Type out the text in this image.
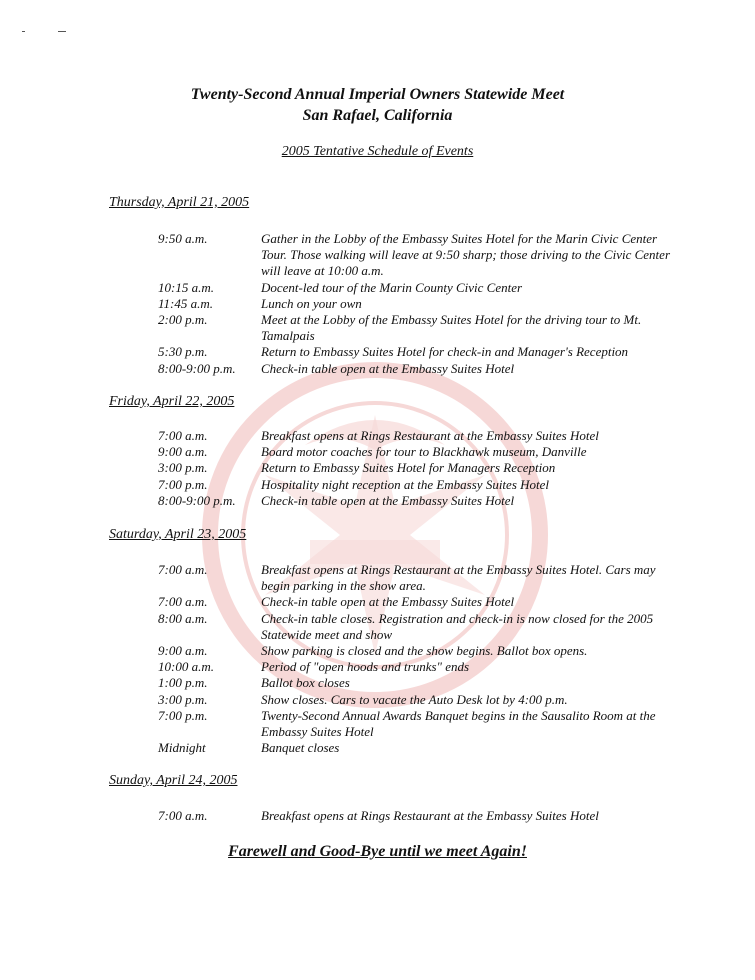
Twenty-Second Annual Imperial Owners Statewide Meet
San Rafael, California
2005 Tentative Schedule of Events
Thursday, April 21, 2005
9:50 a.m.	Gather in the Lobby of the Embassy Suites Hotel for the Marin Civic Center Tour. Those walking will leave at 9:50 sharp; those driving to the Civic Center will leave at 10:00 a.m.
10:15 a.m.	Docent-led tour of the Marin County Civic Center
11:45 a.m.	Lunch on your own
2:00 p.m.	Meet at the Lobby of the Embassy Suites Hotel for the driving tour to Mt. Tamalpais
5:30 p.m.	Return to Embassy Suites Hotel for check-in and Manager's Reception
8:00-9:00 p.m.	Check-in table open at the Embassy Suites Hotel
Friday, April 22, 2005
7:00 a.m.	Breakfast opens at Rings Restaurant at the Embassy Suites Hotel
9:00 a.m.	Board motor coaches for tour to Blackhawk museum, Danville
3:00 p.m.	Return to Embassy Suites Hotel for Managers Reception
7:00 p.m.	Hospitality night reception at the Embassy Suites Hotel
8:00-9:00 p.m.	Check-in table open at the Embassy Suites Hotel
Saturday, April 23, 2005
7:00 a.m.	Breakfast opens at Rings Restaurant at the Embassy Suites Hotel. Cars may begin parking in the show area.
7:00 a.m.	Check-in table open at the Embassy Suites Hotel
8:00 a.m.	Check-in table closes. Registration and check-in is now closed for the 2005 Statewide meet and show
9:00 a.m.	Show parking is closed and the show begins. Ballot box opens.
10:00 a.m.	Period of "open hoods and trunks" ends
1:00 p.m.	Ballot box closes
3:00 p.m.	Show closes. Cars to vacate the Auto Desk lot by 4:00 p.m.
7:00 p.m.	Twenty-Second Annual Awards Banquet begins in the Sausalito Room at the Embassy Suites Hotel
Midnight	Banquet closes
Sunday, April 24, 2005
7:00 a.m.	Breakfast opens at Rings Restaurant at the Embassy Suites Hotel
Farewell and Good-Bye until we meet Again!
